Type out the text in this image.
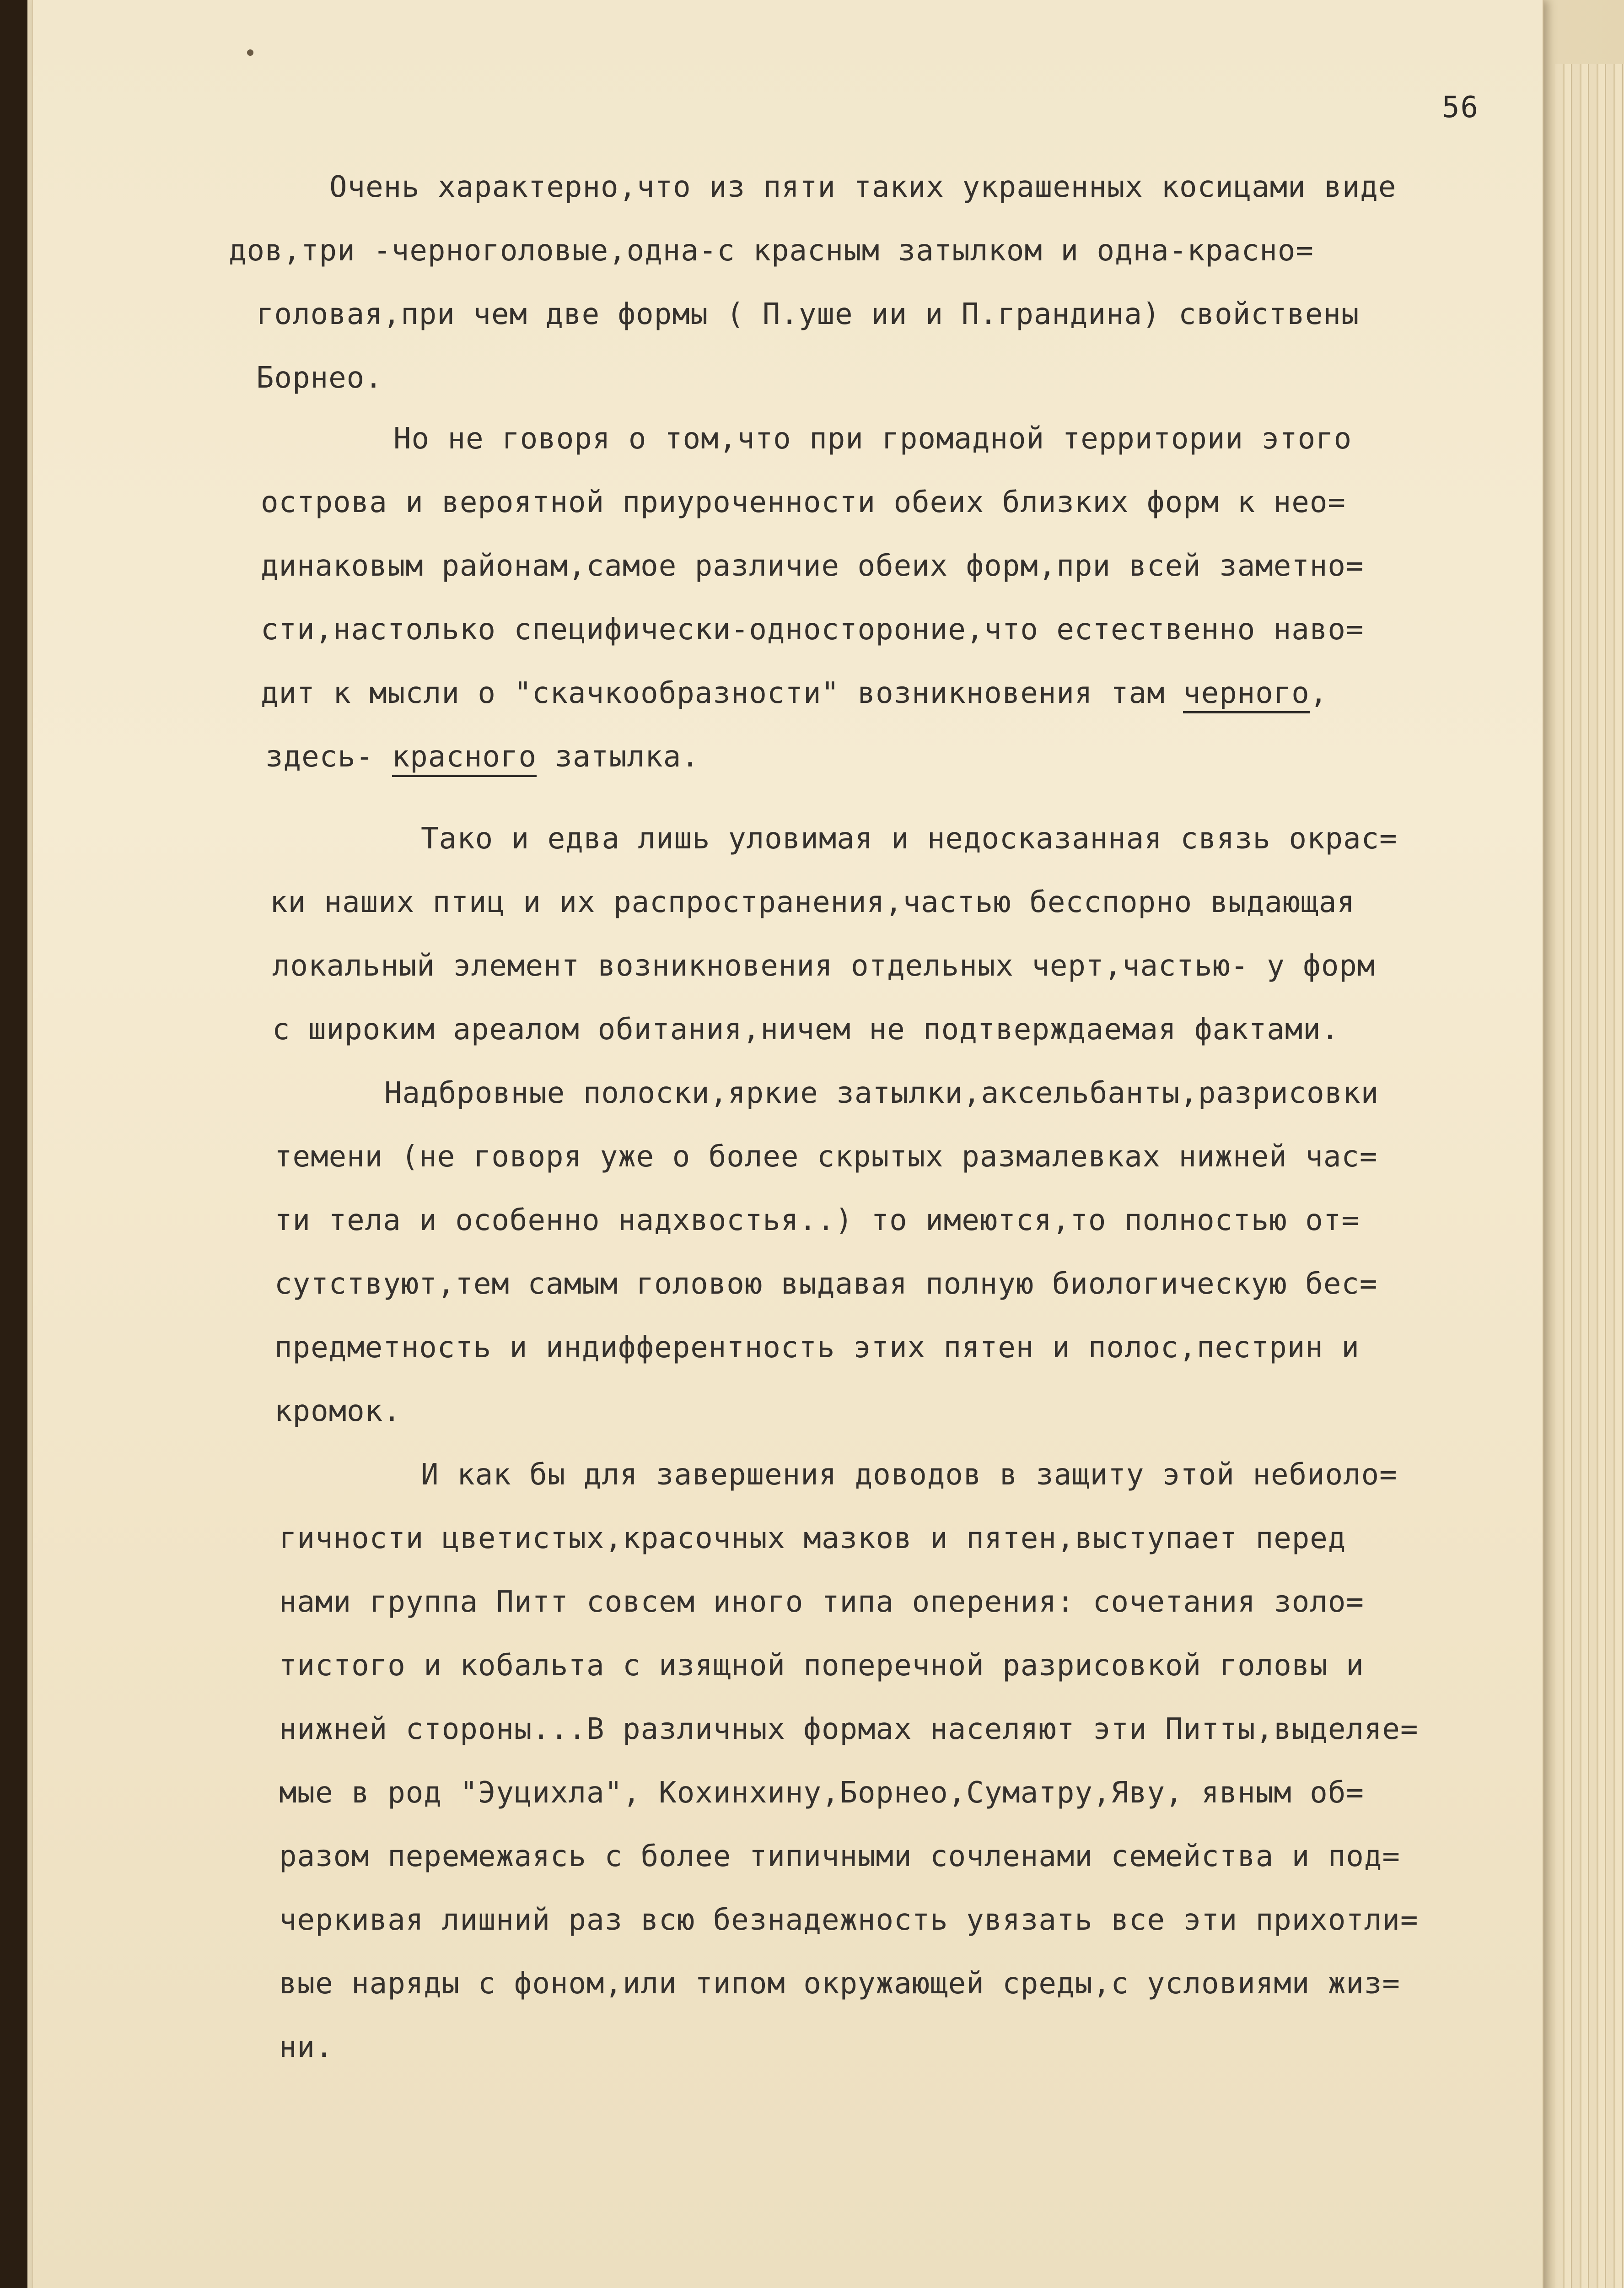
56
Очень характерно,что из пяти таких украшенных косицами виде
дов,три -черноголовые,одна-с красным затылком и одна-красно=
головая,при чем две формы ( П.уше ии и П.грандина) свойствены
Борнео.
Но не говоря о том,что при громадной территории этого
острова и вероятной приуроченности обеих близких форм к нео=
динаковым районам,самое различие обеих форм,при всей заметно=
сти,настолько специфически-одностороние,что естественно наво=
дит к мысли о "скачкообразности" возникновения там черного,
здесь- красного затылка.
Тако и едва лишь уловимая и недосказанная связь окрас=
ки наших птиц и их распространения,частью бесспорно выдающая
локальный элемент возникновения отдельных черт,частью- у форм
с широким ареалом обитания,ничем не подтверждаемая фактами.
Надбровные полоски,яркие затылки,аксельбанты,разрисовки
темени (не говоря уже о более скрытых размалевках нижней час=
ти тела и особенно надхвостья..) то имеются,то полностью от=
сутствуют,тем самым головою выдавая полную биологическую бес=
предметность и индифферентность этих пятен и полос,пестрин и
кромок.
И как бы для завершения доводов в защиту этой небиоло=
гичности цветистых,красочных мазков и пятен,выступает перед
нами группа Питт совсем иного типа оперения: сочетания золо=
тистого и кобальта с изящной поперечной разрисовкой головы и
нижней стороны...В различных формах населяют эти Питты,выделяе=
мые в род "Эуцихла", Кохинхину,Борнео,Суматру,Яву, явным об=
разом перемежаясь с более типичными сочленами семейства и под=
черкивая лишний раз всю безнадежность увязать все эти прихотли=
вые наряды с фоном,или типом окружающей среды,с условиями жиз=
ни.
